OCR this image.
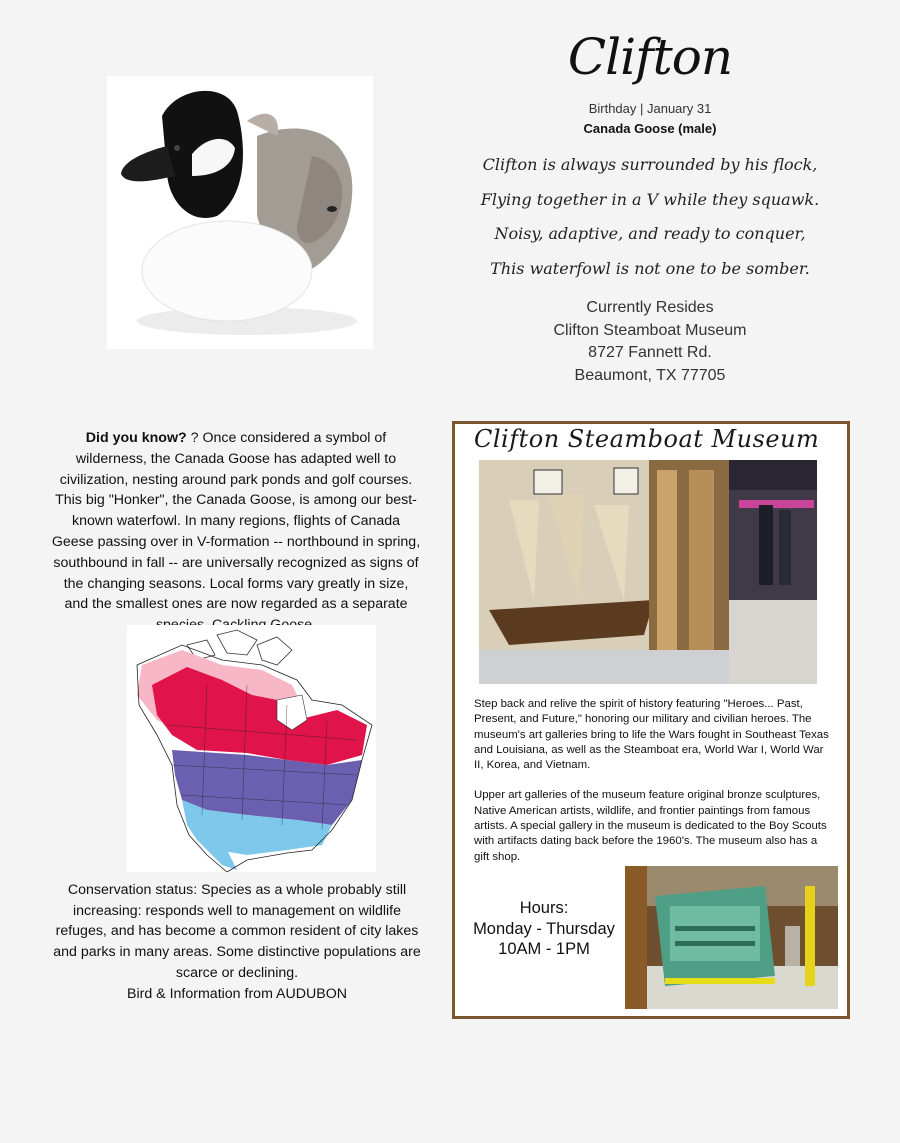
Clifton
Birthday | January 31
Canada Goose (male)
Clifton is always surrounded by his flock,
Flying together in a V while they squawk.
Noisy, adaptive, and ready to conquer,
This waterfowl is not one to be somber.
Currently Resides
Clifton Steamboat Museum
8727 Fannett Rd.
Beaumont, TX 77705
Did you know? ? Once considered a symbol of wilderness, the Canada Goose has adapted well to civilization, nesting around park ponds and golf courses. This big "Honker", the Canada Goose, is among our best-known waterfowl. In many regions, flights of Canada Geese passing over in V-formation -- northbound in spring, southbound in fall -- are universally recognized as signs of the changing seasons. Local forms vary greatly in size, and the smallest ones are now regarded as a separate
Conservation status: Species as a whole probably still increasing: responds well to management on wildlife refuges, and has become a common resident of city lakes and parks in many areas. Some distinctive populations are scarce or declining.
Bird & Information from AUDUBON
Clifton Steamboat Museum

Step back and relive the spirit of history featuring "Heroes... Past, Present, and Future," honoring our military and civilian heroes. The museum's art galleries bring to life the Wars fought in Southeast Texas and Louisiana, as well as the Steamboat era, World War I, World War II, Korea, and Vietnam.

Upper art galleries of the museum feature original bronze sculptures, Native American artists, wildlife, and frontier paintings from famous artists. A special gallery in the museum is dedicated to the Boy Scouts with artifacts dating back before the 1960's. The museum also has a gift shop.

Hours:
Monday - Thursday
10AM - 1PM
